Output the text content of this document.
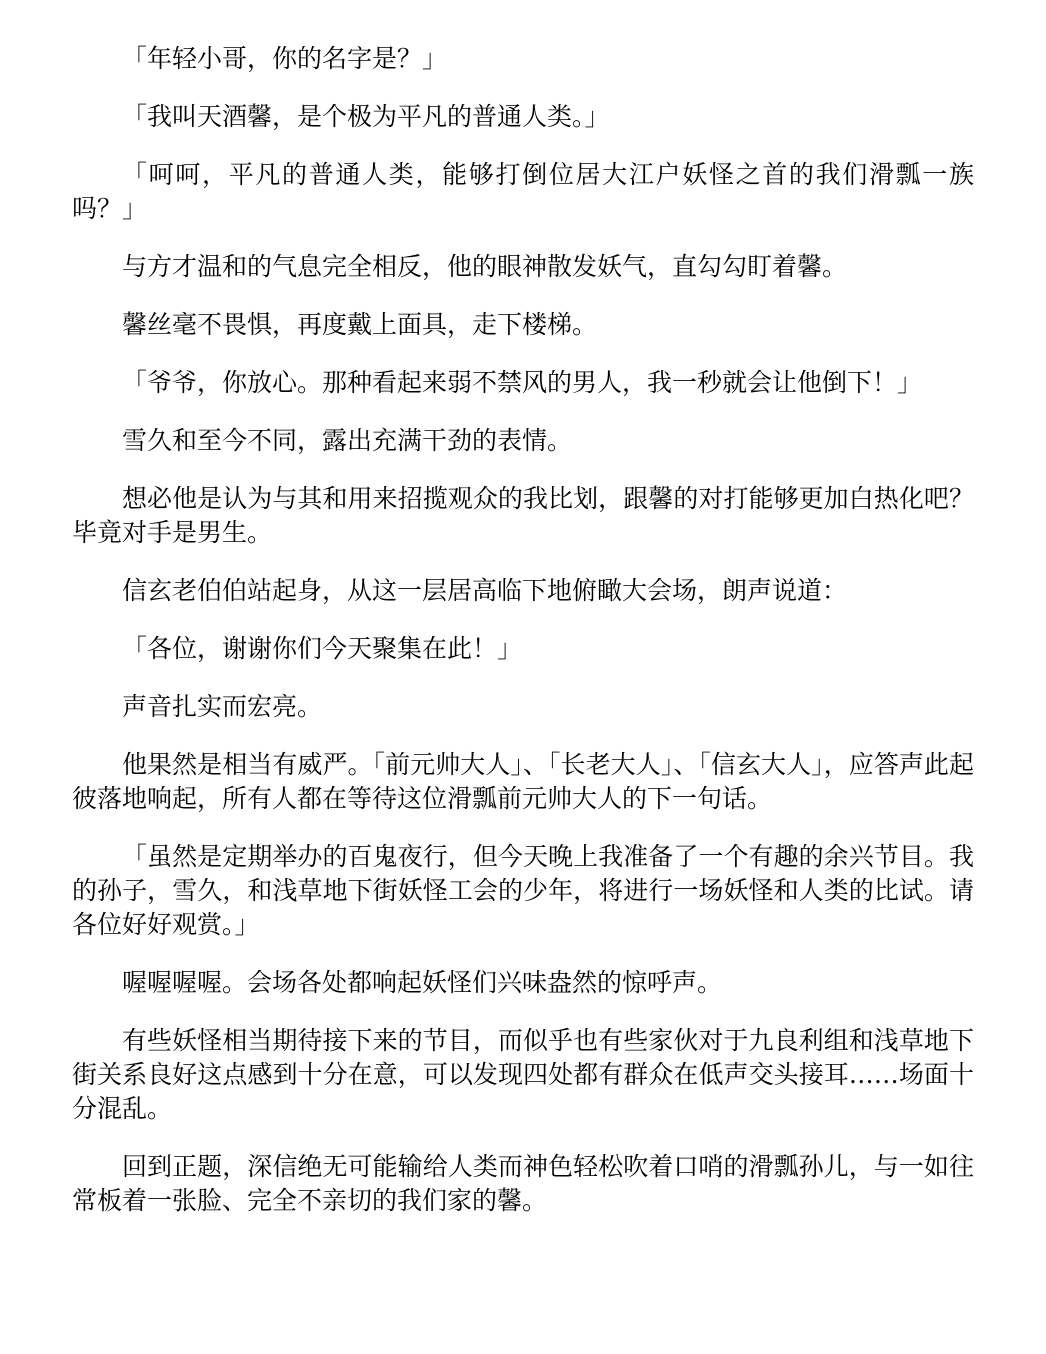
「年轻小哥，你的名字是？」

「我叫天酒馨，是个极为平凡的普通人类。」

「呵呵，平凡的普通人类，能够打倒位居大江户妖怪之首的我们滑瓢一族吗？」

与方才温和的气息完全相反，他的眼神散发妖气，直勾勾盯着馨。

馨丝毫不畏惧，再度戴上面具，走下楼梯。

「爷爷，你放心。那种看起来弱不禁风的男人，我一秒就会让他倒下！」

雪久和至今不同，露出充满干劲的表情。

想必他是认为与其和用来招揽观众的我比划，跟馨的对打能够更加白热化吧？毕竟对手是男生。

信玄老伯伯站起身，从这一层居高临下地俯瞰大会场，朗声说道：

「各位，谢谢你们今天聚集在此！」

声音扎实而宏亮。

他果然是相当有威严。「前元帅大人」、「长老大人」、「信玄大人」，应答声此起彼落地响起，所有人都在等待这位滑瓢前元帅大人的下一句话。

「虽然是定期举办的百鬼夜行，但今天晚上我准备了一个有趣的余兴节目。我的孙子，雪久，和浅草地下街妖怪工会的少年，将进行一场妖怪和人类的比试。请各位好好观赏。」

喔喔喔喔。会场各处都响起妖怪们兴味盎然的惊呼声。

有些妖怪相当期待接下来的节目，而似乎也有些家伙对于九良利组和浅草地下街关系良好这点感到十分在意，可以发现四处都有群众在低声交头接耳……场面十分混乱。

回到正题，深信绝无可能输给人类而神色轻松吹着口哨的滑瓢孙儿，与一如往常板着一张脸、完全不亲切的我们家的馨。
